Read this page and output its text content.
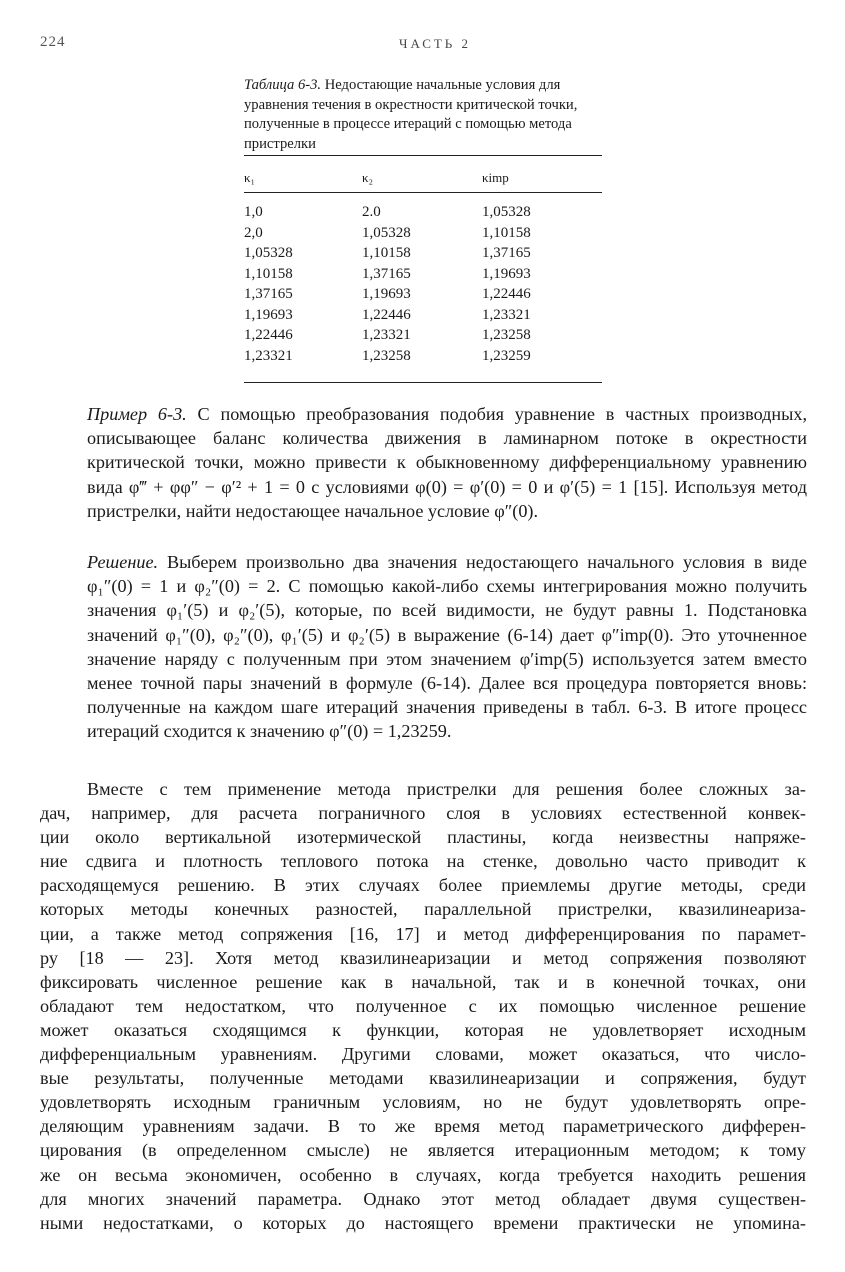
224	ЧАСТЬ 2
Таблица 6-3. Недостающие начальные условия для уравнения течения в окрестности критической точки, полученные в процессе итераций с помощью метода пристрелки
κ₁	κ₂	κimp
1,0	2.0	1,05328
2,0	1,05328	1,10158
1,05328	1,10158	1,37165
1,10158	1,37165	1,19693
1,37165	1,19693	1,22446
1,19693	1,22446	1,23321
1,22446	1,23321	1,23258
1,23321	1,23258	1,23259
Пример 6-3. С помощью преобразования подобия уравнение в частных производных, описывающее баланс количества движения в ламинарном потоке в окрестности критической точки, можно привести к обыкновенному дифференциальному уравнению вида φ‴ + φφ″ − φ′² + 1 = 0 с условиями φ(0) = φ′(0) = 0 и φ′(5) = 1 [15]. Используя метод пристрелки, найти недостающее начальное условие φ″(0).
Решение. Выберем произвольно два значения недостающего начального условия в виде φ₁″(0) = 1 и φ₂″(0) = 2. С помощью какой-либо схемы интегрирования можно получить значения φ₁′(5) и φ₂′(5), которые, по всей видимости, не будут равны 1. Подстановка значений φ₁″(0), φ₂″(0), φ₁′(5) и φ₂′(5) в выражение (6-14) дает φ″imp(0). Это уточненное значение наряду с полученным при этом значением φ′imp(5) используется затем вместо менее точной пары значений в формуле (6-14). Далее вся процедура повторяется вновь: полученные на каждом шаге итераций значения приведены в табл. 6-3. В итоге процесс итераций сходится к значению φ″(0) = 1,23259.
Вместе с тем применение метода пристрелки для решения более сложных за-
дач, например, для расчета пограничного слоя в условиях естественной конвек-
ции около вертикальной изотермической пластины, когда неизвестны напряже-
ние сдвига и плотность теплового потока на стенке, довольно часто приводит к
расходящемуся решению. В этих случаях более приемлемы другие методы, среди
которых методы конечных разностей, параллельной пристрелки, квазилинеариза-
ции, а также метод сопряжения [16, 17] и метод дифференцирования по парамет-
ру [18 — 23]. Хотя метод квазилинеаризации и метод сопряжения позволяют
фиксировать численное решение как в начальной, так и в конечной точках, они
обладают тем недостатком, что полученное с их помощью численное решение
может оказаться сходящимся к функции, которая не удовлетворяет исходным
дифференциальным уравнениям. Другими словами, может оказаться, что число-
вые результаты, полученные методами квазилинеаризации и сопряжения, будут
удовлетворять исходным граничным условиям, но не будут удовлетворять опре-
деляющим уравнениям задачи. В то же время метод параметрического дифферен-
цирования (в определенном смысле) не является итерационным методом; к тому
же он весьма экономичен, особенно в случаях, когда требуется находить решения
для многих значений параметра. Однако этот метод обладает двумя существен-
ными недостатками, о которых до настоящего времени практически не упомина-
